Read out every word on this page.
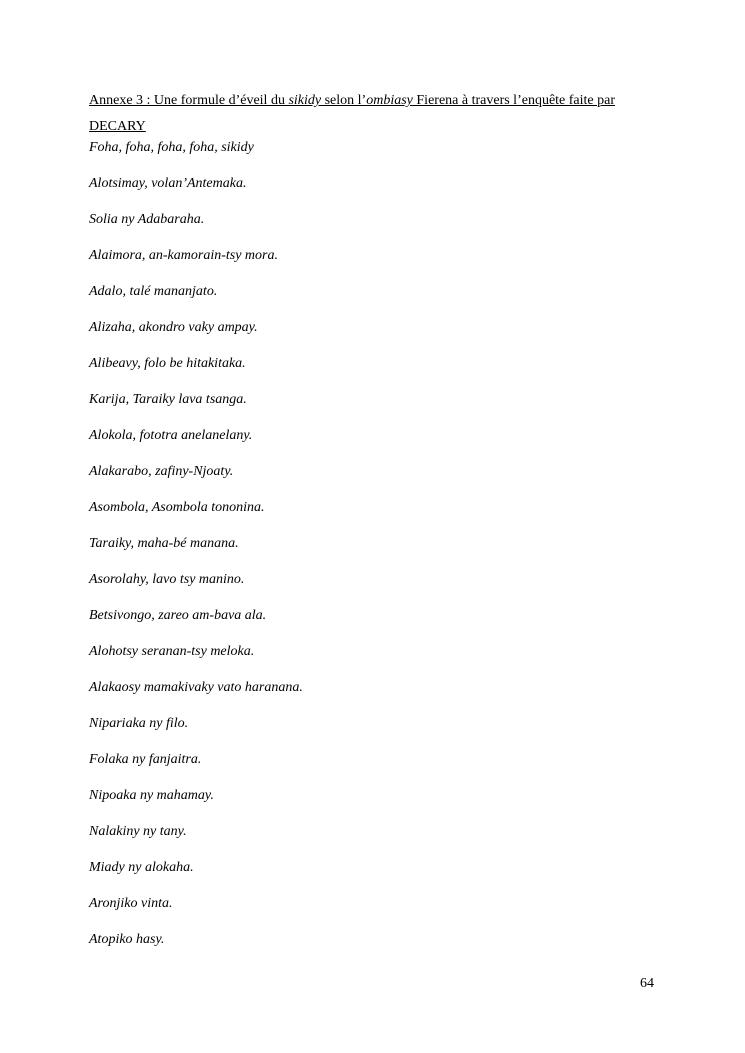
Annexe 3 : Une formule d’éveil du sikidy selon l’ombiasy Fierena à travers l’enquête faite par DECARY
Foha, foha, foha, foha, sikidy
Alotsimay, volan’Antemaka.
Solia ny Adabaraha.
Alaimora, an-kamorain-tsy mora.
Adalo, talé mananjato.
Alizaha, akondro vaky ampay.
Alibeavy, folo be hitakitaka.
Karija, Taraiky lava tsanga.
Alokola, fototra anelanelany.
Alakarabo, zafiny-Njoaty.
Asombola, Asombola tononina.
Taraiky, maha-bé manana.
Asorolahy, lavo tsy manino.
Betsivongo, zareo am-bava ala.
Alohotsy seranan-tsy meloka.
Alakaosy mamakivaky vato haranana.
Nipariaka ny filo.
Folaka ny fanjaitra.
Nipoaka ny mahamay.
Nalakiny ny tany.
Miady ny alokaha.
Aronjiko vinta.
Atopiko hasy.
64
